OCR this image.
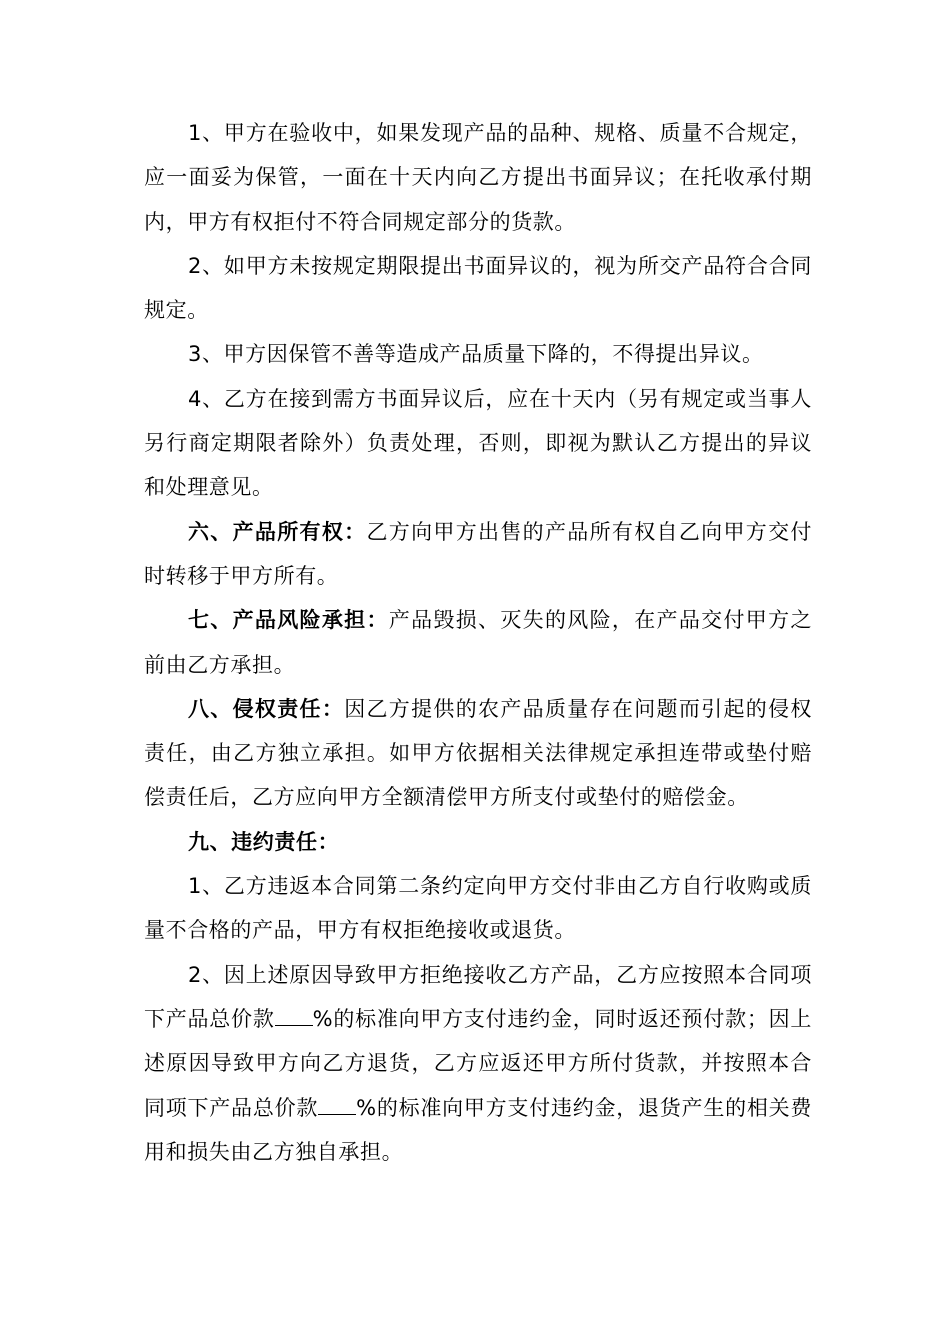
1、甲方在验收中，如果发现产品的品种、规格、质量不合规定，应一面妥为保管，一面在十天内向乙方提出书面异议；在托收承付期内，甲方有权拒付不符合同规定部分的货款。

2、如甲方未按规定期限提出书面异议的，视为所交产品符合合同规定。

3、甲方因保管不善等造成产品质量下降的，不得提出异议。

4、乙方在接到需方书面异议后，应在十天内（另有规定或当事人另行商定期限者除外）负责处理，否则，即视为默认乙方提出的异议和处理意见。

六、产品所有权：乙方向甲方出售的产品所有权自乙向甲方交付时转移于甲方所有。

七、产品风险承担：产品毁损、灭失的风险，在产品交付甲方之前由乙方承担。

八、侵权责任：因乙方提供的农产品质量存在问题而引起的侵权责任，由乙方独立承担。如甲方依据相关法律规定承担连带或垫付赔偿责任后，乙方应向甲方全额清偿甲方所支付或垫付的赔偿金。

九、违约责任：

1、乙方违返本合同第二条约定向甲方交付非由乙方自行收购或质量不合格的产品，甲方有权拒绝接收或退货。

2、因上述原因导致甲方拒绝接收乙方产品，乙方应按照本合同项下产品总价款 %的标准向甲方支付违约金，同时返还预付款；因上述原因导致甲方向乙方退货，乙方应返还甲方所付货款，并按照本合同项下产品总价款 %的标准向甲方支付违约金，退货产生的相关费用和损失由乙方独自承担。
